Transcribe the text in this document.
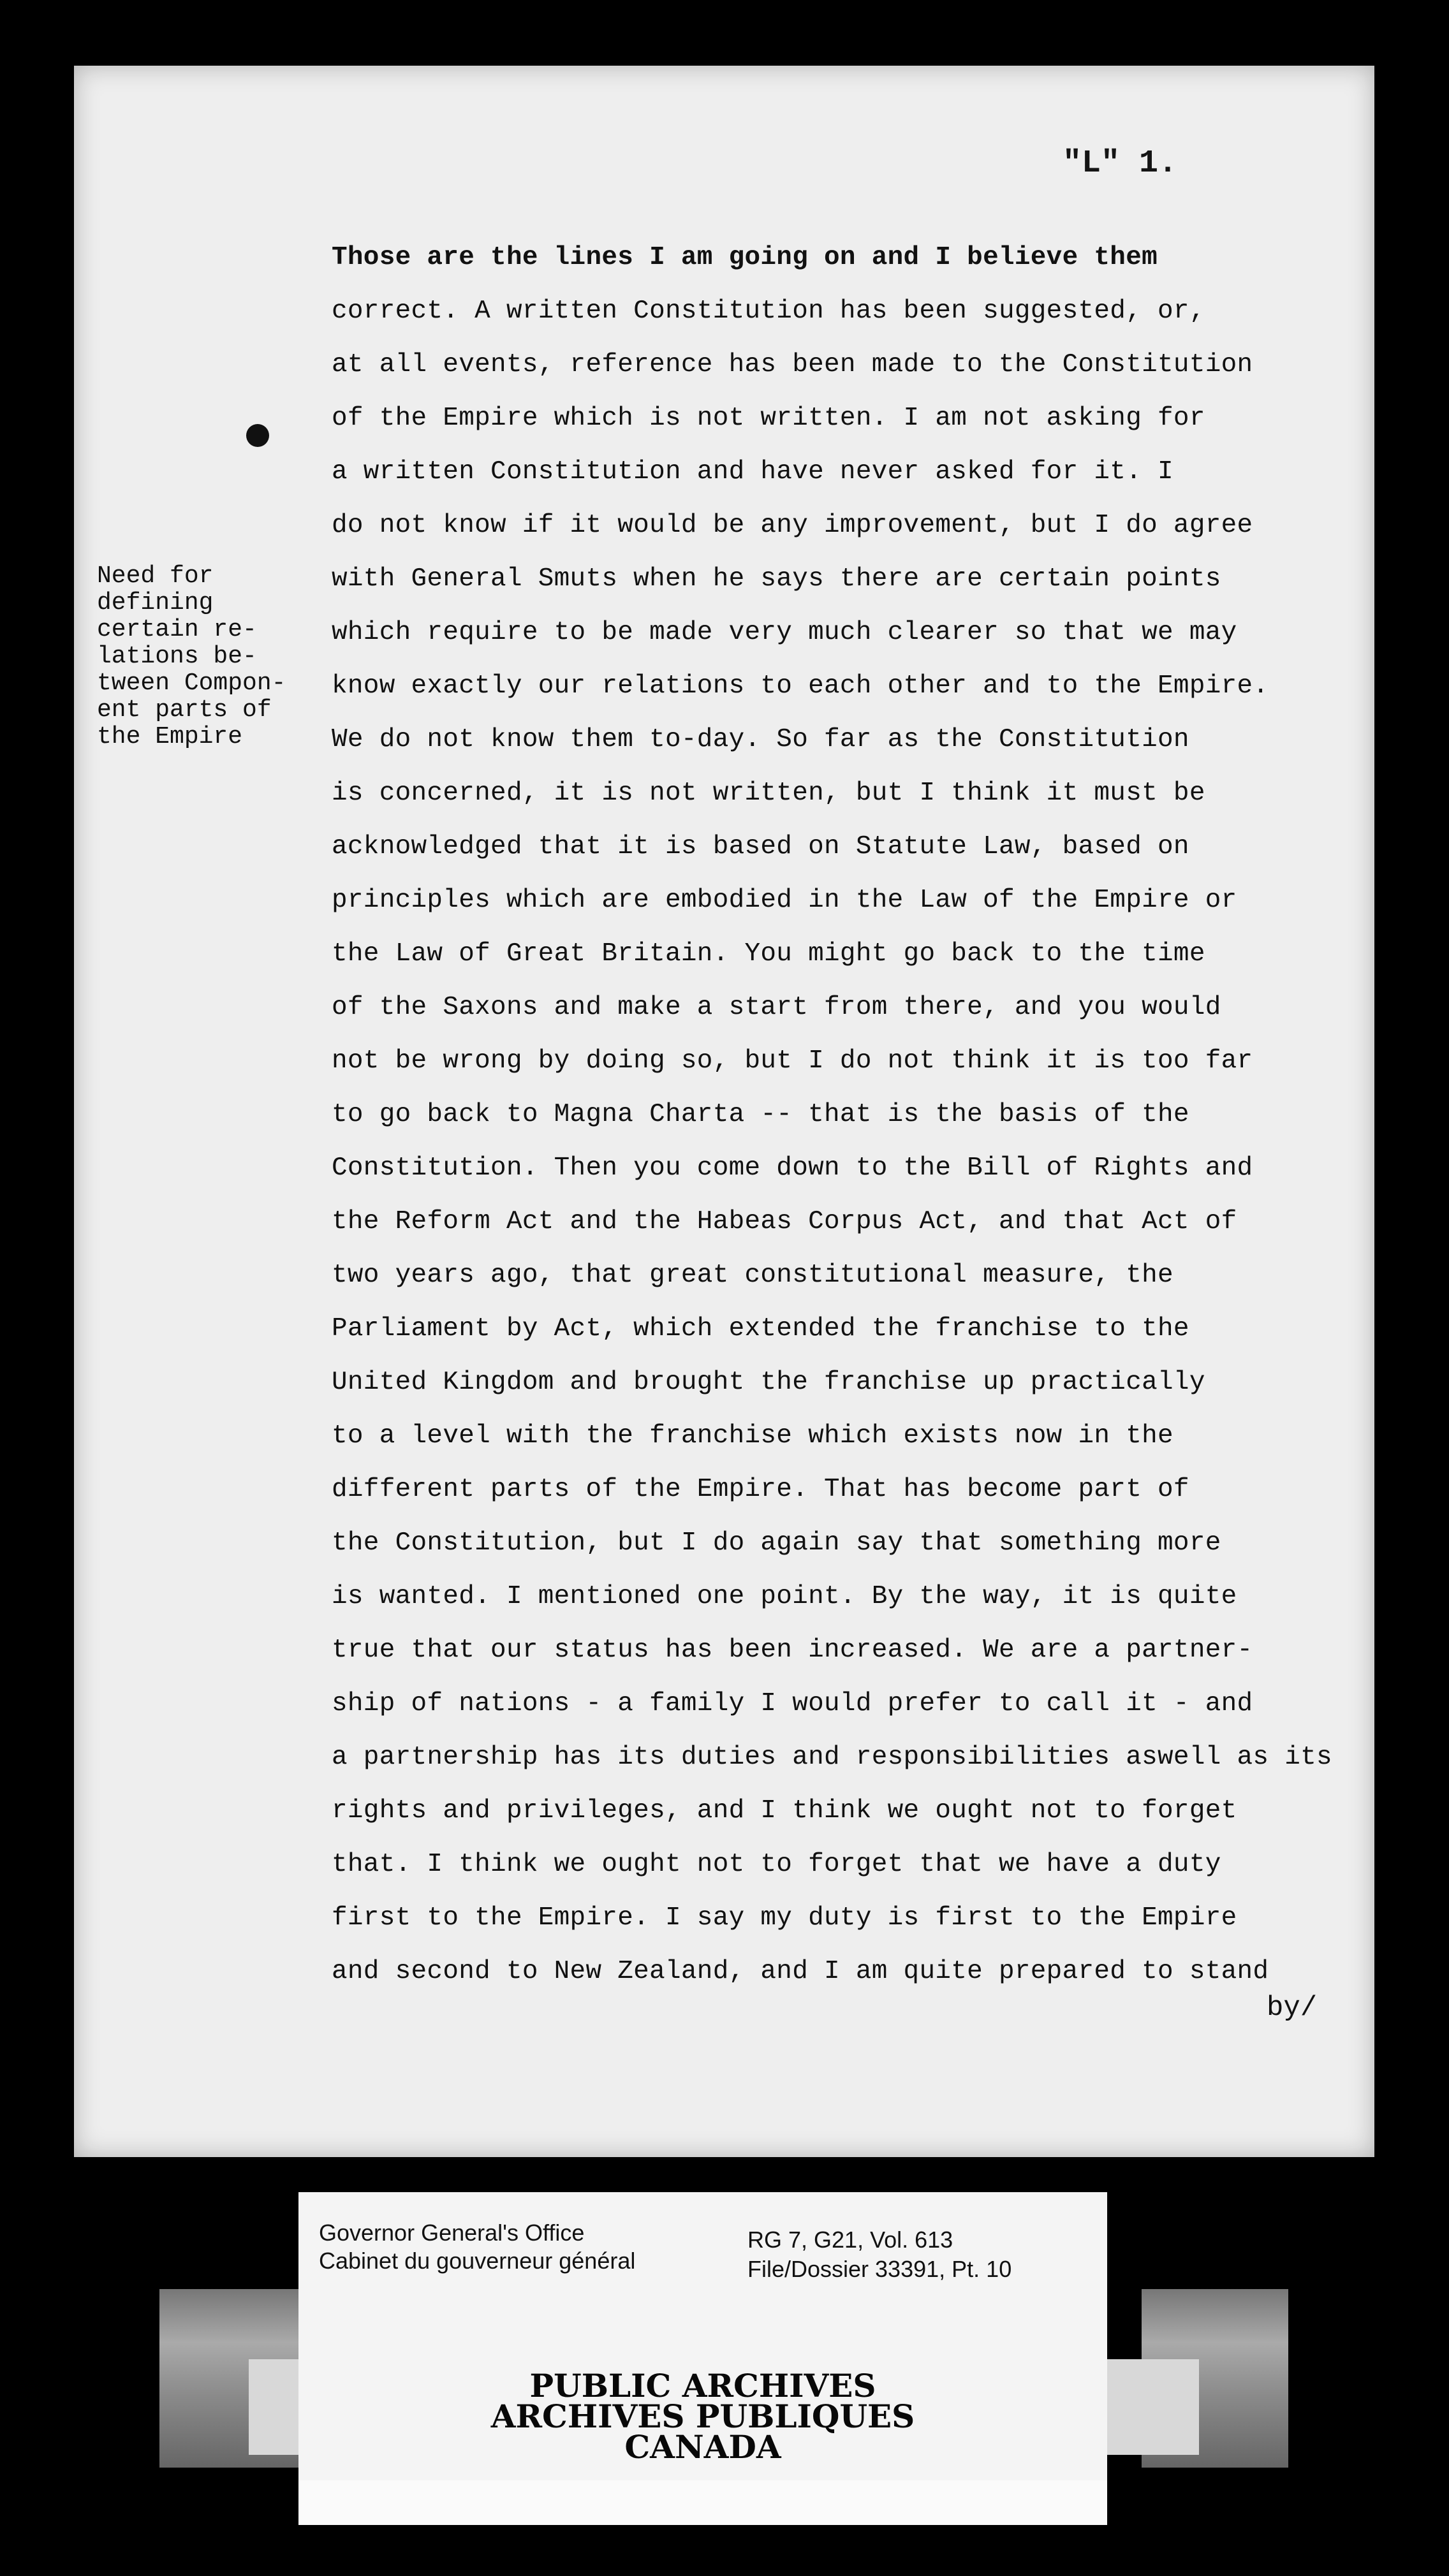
"L" 1.
Need for
defining
certain re-
lations be-
tween Compon-
ent parts of
the Empire
Those are the lines I am going on and I believe them
correct. A written Constitution has been suggested, or,
at all events, reference has been made to the Constitution
of the Empire which is not written. I am not asking for
a written Constitution and have never asked for it. I
do not know if it would be any improvement, but I do agree
with General Smuts when he says there are certain points
which require to be made very much clearer so that we may
know exactly our relations to each other and to the Empire.
We do not know them to-day. So far as the Constitution
is concerned, it is not written, but I think it must be
acknowledged that it is based on Statute Law, based on
principles which are embodied in the Law of the Empire or
the Law of Great Britain. You might go back to the time
of the Saxons and make a start from there, and you would
not be wrong by doing so, but I do not think it is too far
to go back to Magna Charta -- that is the basis of the
Constitution. Then you come down to the Bill of Rights and
the Reform Act and the Habeas Corpus Act, and that Act of
two years ago, that great constitutional measure, the
Parliament by Act, which extended the franchise to the
United Kingdom and brought the franchise up practically
to a level with the franchise which exists now in the
different parts of the Empire. That has become part of
the Constitution, but I do again say that something more
is wanted. I mentioned one point. By the way, it is quite
true that our status has been increased. We are a partner-
ship of nations - a family I would prefer to call it - and
a partnership has its duties and responsibilities aswell as its
rights and privileges, and I think we ought not to forget
that. I think we ought not to forget that we have a duty
first to the Empire. I say my duty is first to the Empire
and second to New Zealand, and I am quite prepared to stand
by/
Governor General's Office
Cabinet du gouverneur général
RG 7, G21, Vol. 613
File/Dossier 33391, Pt. 10
PUBLIC ARCHIVES
ARCHIVES PUBLIQUES
CANADA
